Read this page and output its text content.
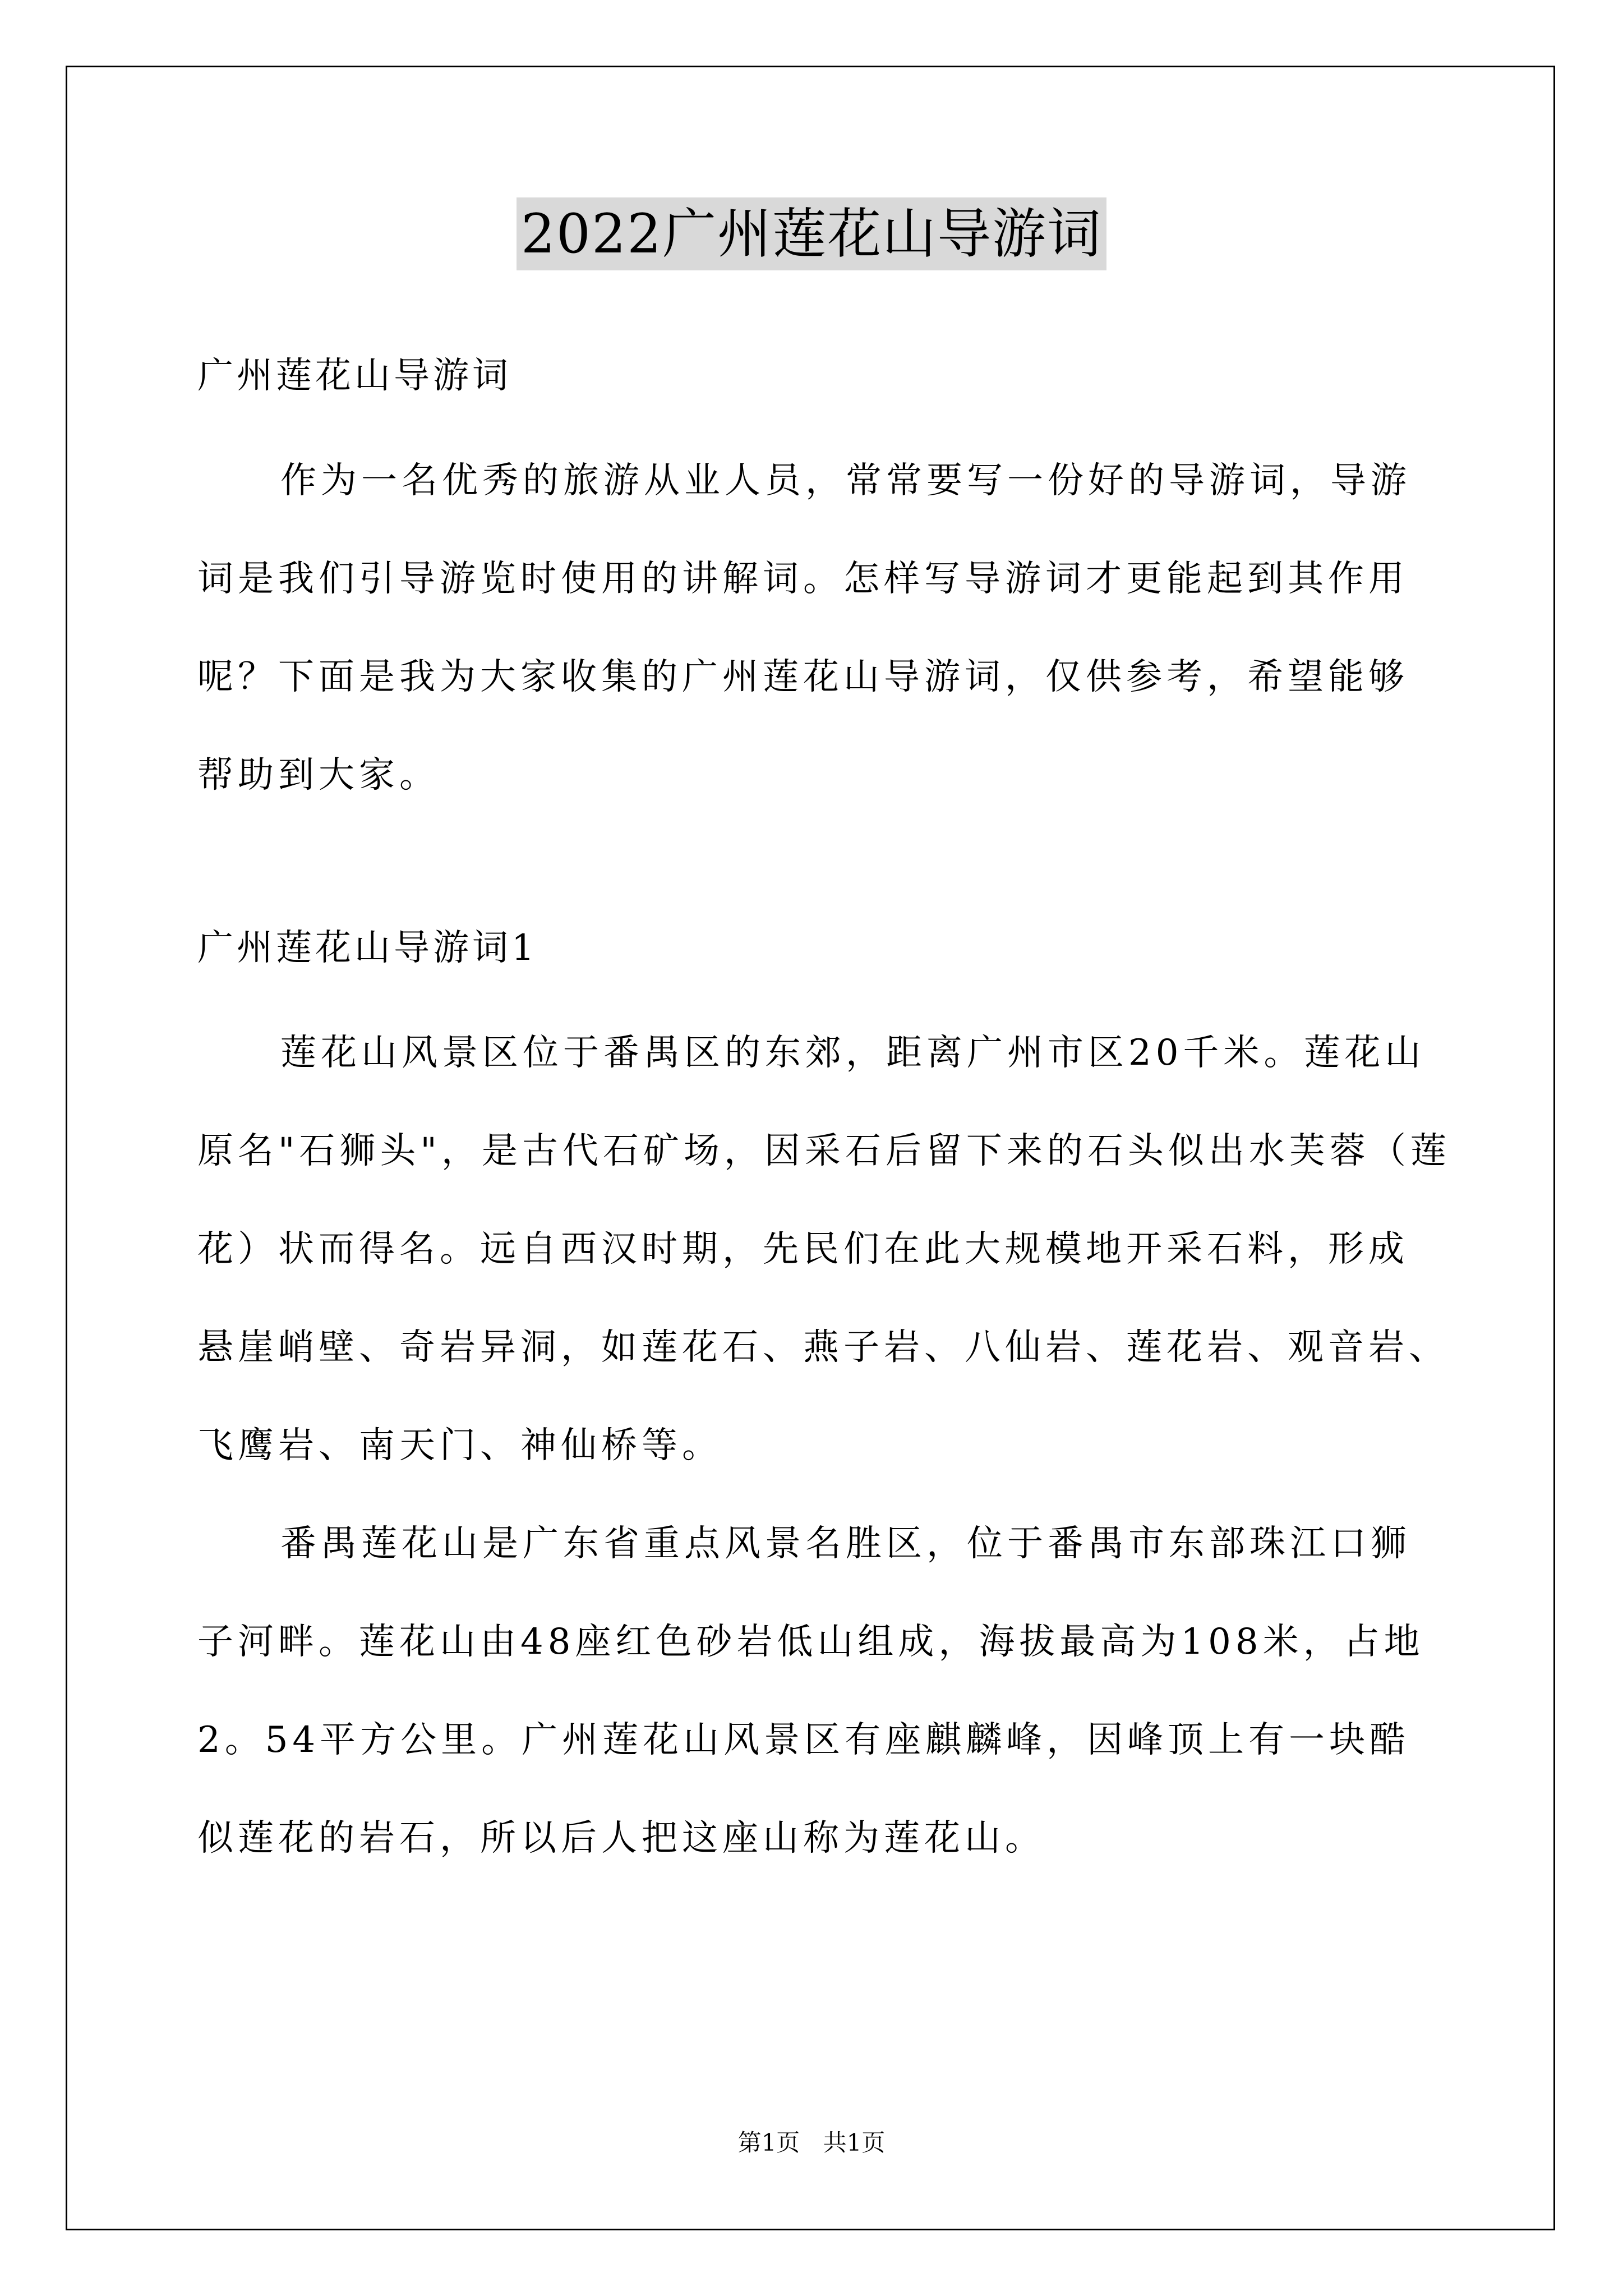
2022广州莲花山导游词
广州莲花山导游词
作为一名优秀的旅游从业人员，常常要写一份好的导游词，导游
词是我们引导游览时使用的讲解词。怎样写导游词才更能起到其作用
呢？下面是我为大家收集的广州莲花山导游词，仅供参考，希望能够
帮助到大家。
广州莲花山导游词1
莲花山风景区位于番禺区的东郊，距离广州市区20千米。莲花山
原名"石狮头"，是古代石矿场，因采石后留下来的石头似出水芙蓉（莲
花）状而得名。远自西汉时期，先民们在此大规模地开采石料，形成
悬崖峭壁、奇岩异洞，如莲花石、燕子岩、八仙岩、莲花岩、观音岩、
飞鹰岩、南天门、神仙桥等。
番禺莲花山是广东省重点风景名胜区，位于番禺市东部珠江口狮
子河畔。莲花山由48座红色砂岩低山组成，海拔最高为108米，占地
2。54平方公里。广州莲花山风景区有座麒麟峰，因峰顶上有一块酷
似莲花的岩石，所以后人把这座山称为莲花山。
第1页 共1页
